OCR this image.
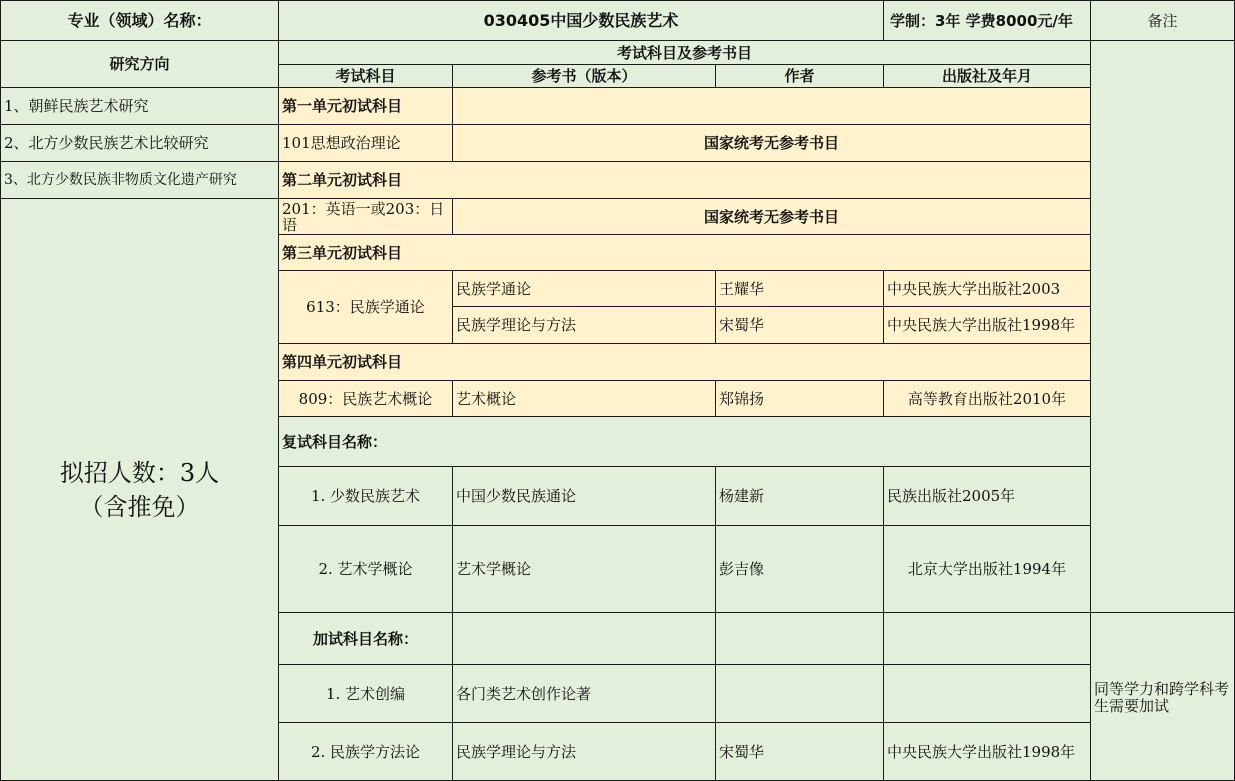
专业（领域）名称：	030405中国少数民族艺术	学制：3年 学费8000元/年	备注
研究方向
考试科目及参考书目
考试科目	参考书（版本）	作者	出版社及年月
同等学力和跨学科考生需要加试
1、朝鲜民族艺术研究
2、北方少数民族艺术比较研究
3、北方少数民族非物质文化遗产研究
拟招人数：3人
（含推免）
第一单元初试科目
101思想政治理论	国家统考无参考书目
第二单元初试科目
201：英语一或203：日语	国家统考无参考书目
第三单元初试科目
613：民族学通论
民族学通论	王耀华	中央民族大学出版社2003
民族学理论与方法	宋蜀华	中央民族大学出版社1998年
第四单元初试科目
809：民族艺术概论	艺术概论	郑锦扬	高等教育出版社2010年
复试科目名称：
1. 少数民族艺术	中国少数民族通论	杨建新	民族出版社2005年
2. 艺术学概论	艺术学概论	彭吉像	北京大学出版社1994年
加试科目名称：
1. 艺术创编	各门类艺术创作论著
2. 民族学方法论	民族学理论与方法	宋蜀华	中央民族大学出版社1998年
